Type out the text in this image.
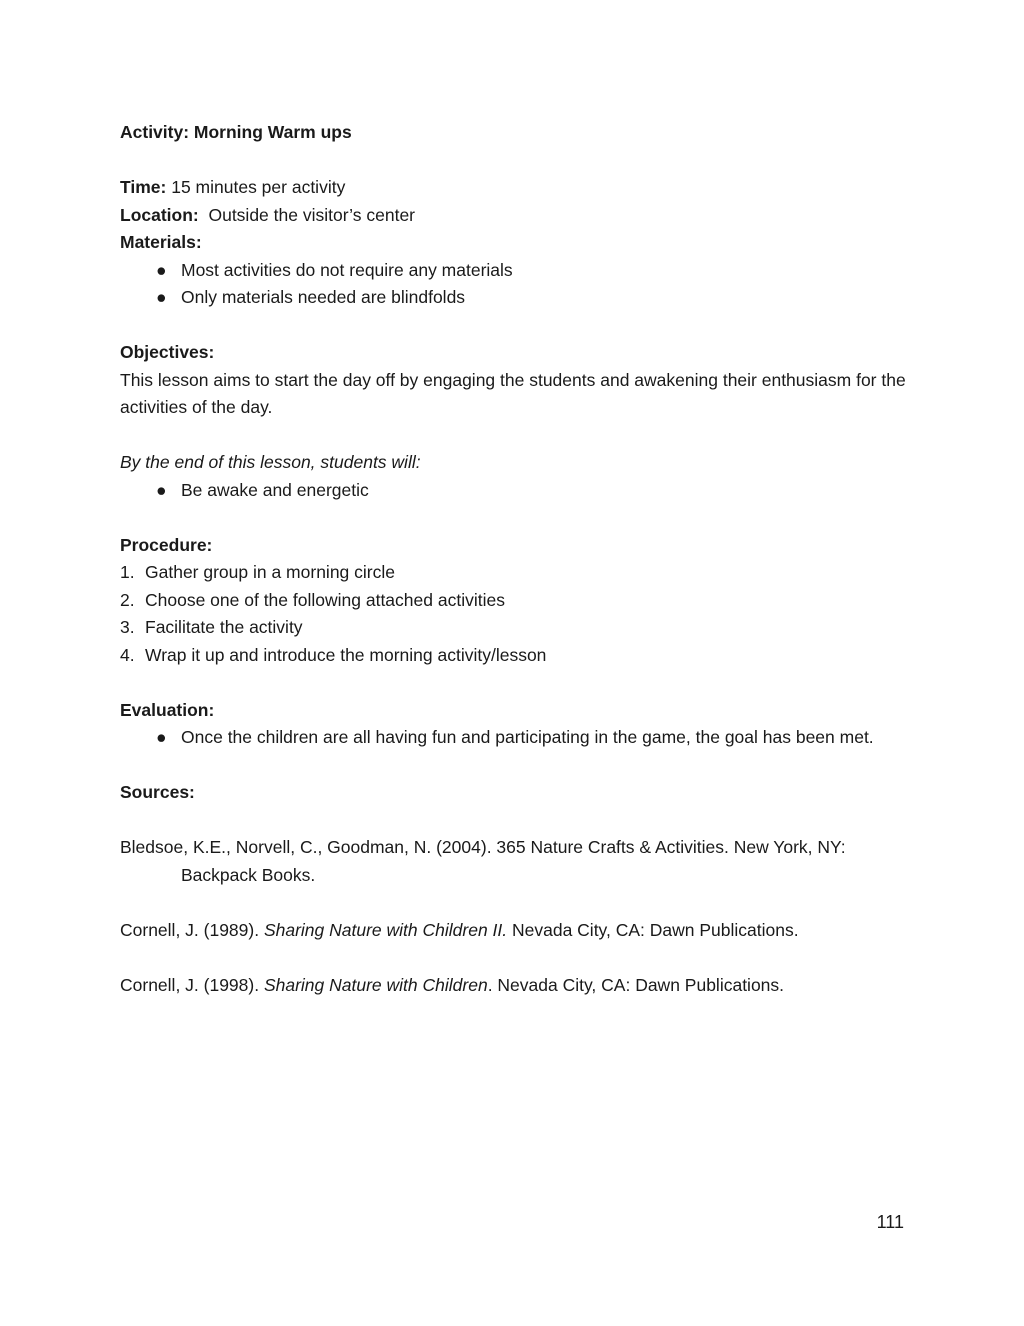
Activity: Morning Warm ups
Time: 15 minutes per activity
Location:  Outside the visitor’s center
Materials:
● Most activities do not require any materials
● Only materials needed are blindfolds
Objectives:
This lesson aims to start the day off by engaging the students and awakening their enthusiasm for the activities of the day.
By the end of this lesson, students will:
● Be awake and energetic
Procedure:
1. Gather group in a morning circle
2. Choose one of the following attached activities
3. Facilitate the activity
4. Wrap it up and introduce the morning activity/lesson
Evaluation:
● Once the children are all having fun and participating in the game, the goal has been met.
Sources:
Bledsoe, K.E., Norvell, C., Goodman, N. (2004). 365 Nature Crafts & Activities. New York, NY: Backpack Books.
Cornell, J. (1989). Sharing Nature with Children II. Nevada City, CA: Dawn Publications.
Cornell, J. (1998). Sharing Nature with Children. Nevada City, CA: Dawn Publications.
111
